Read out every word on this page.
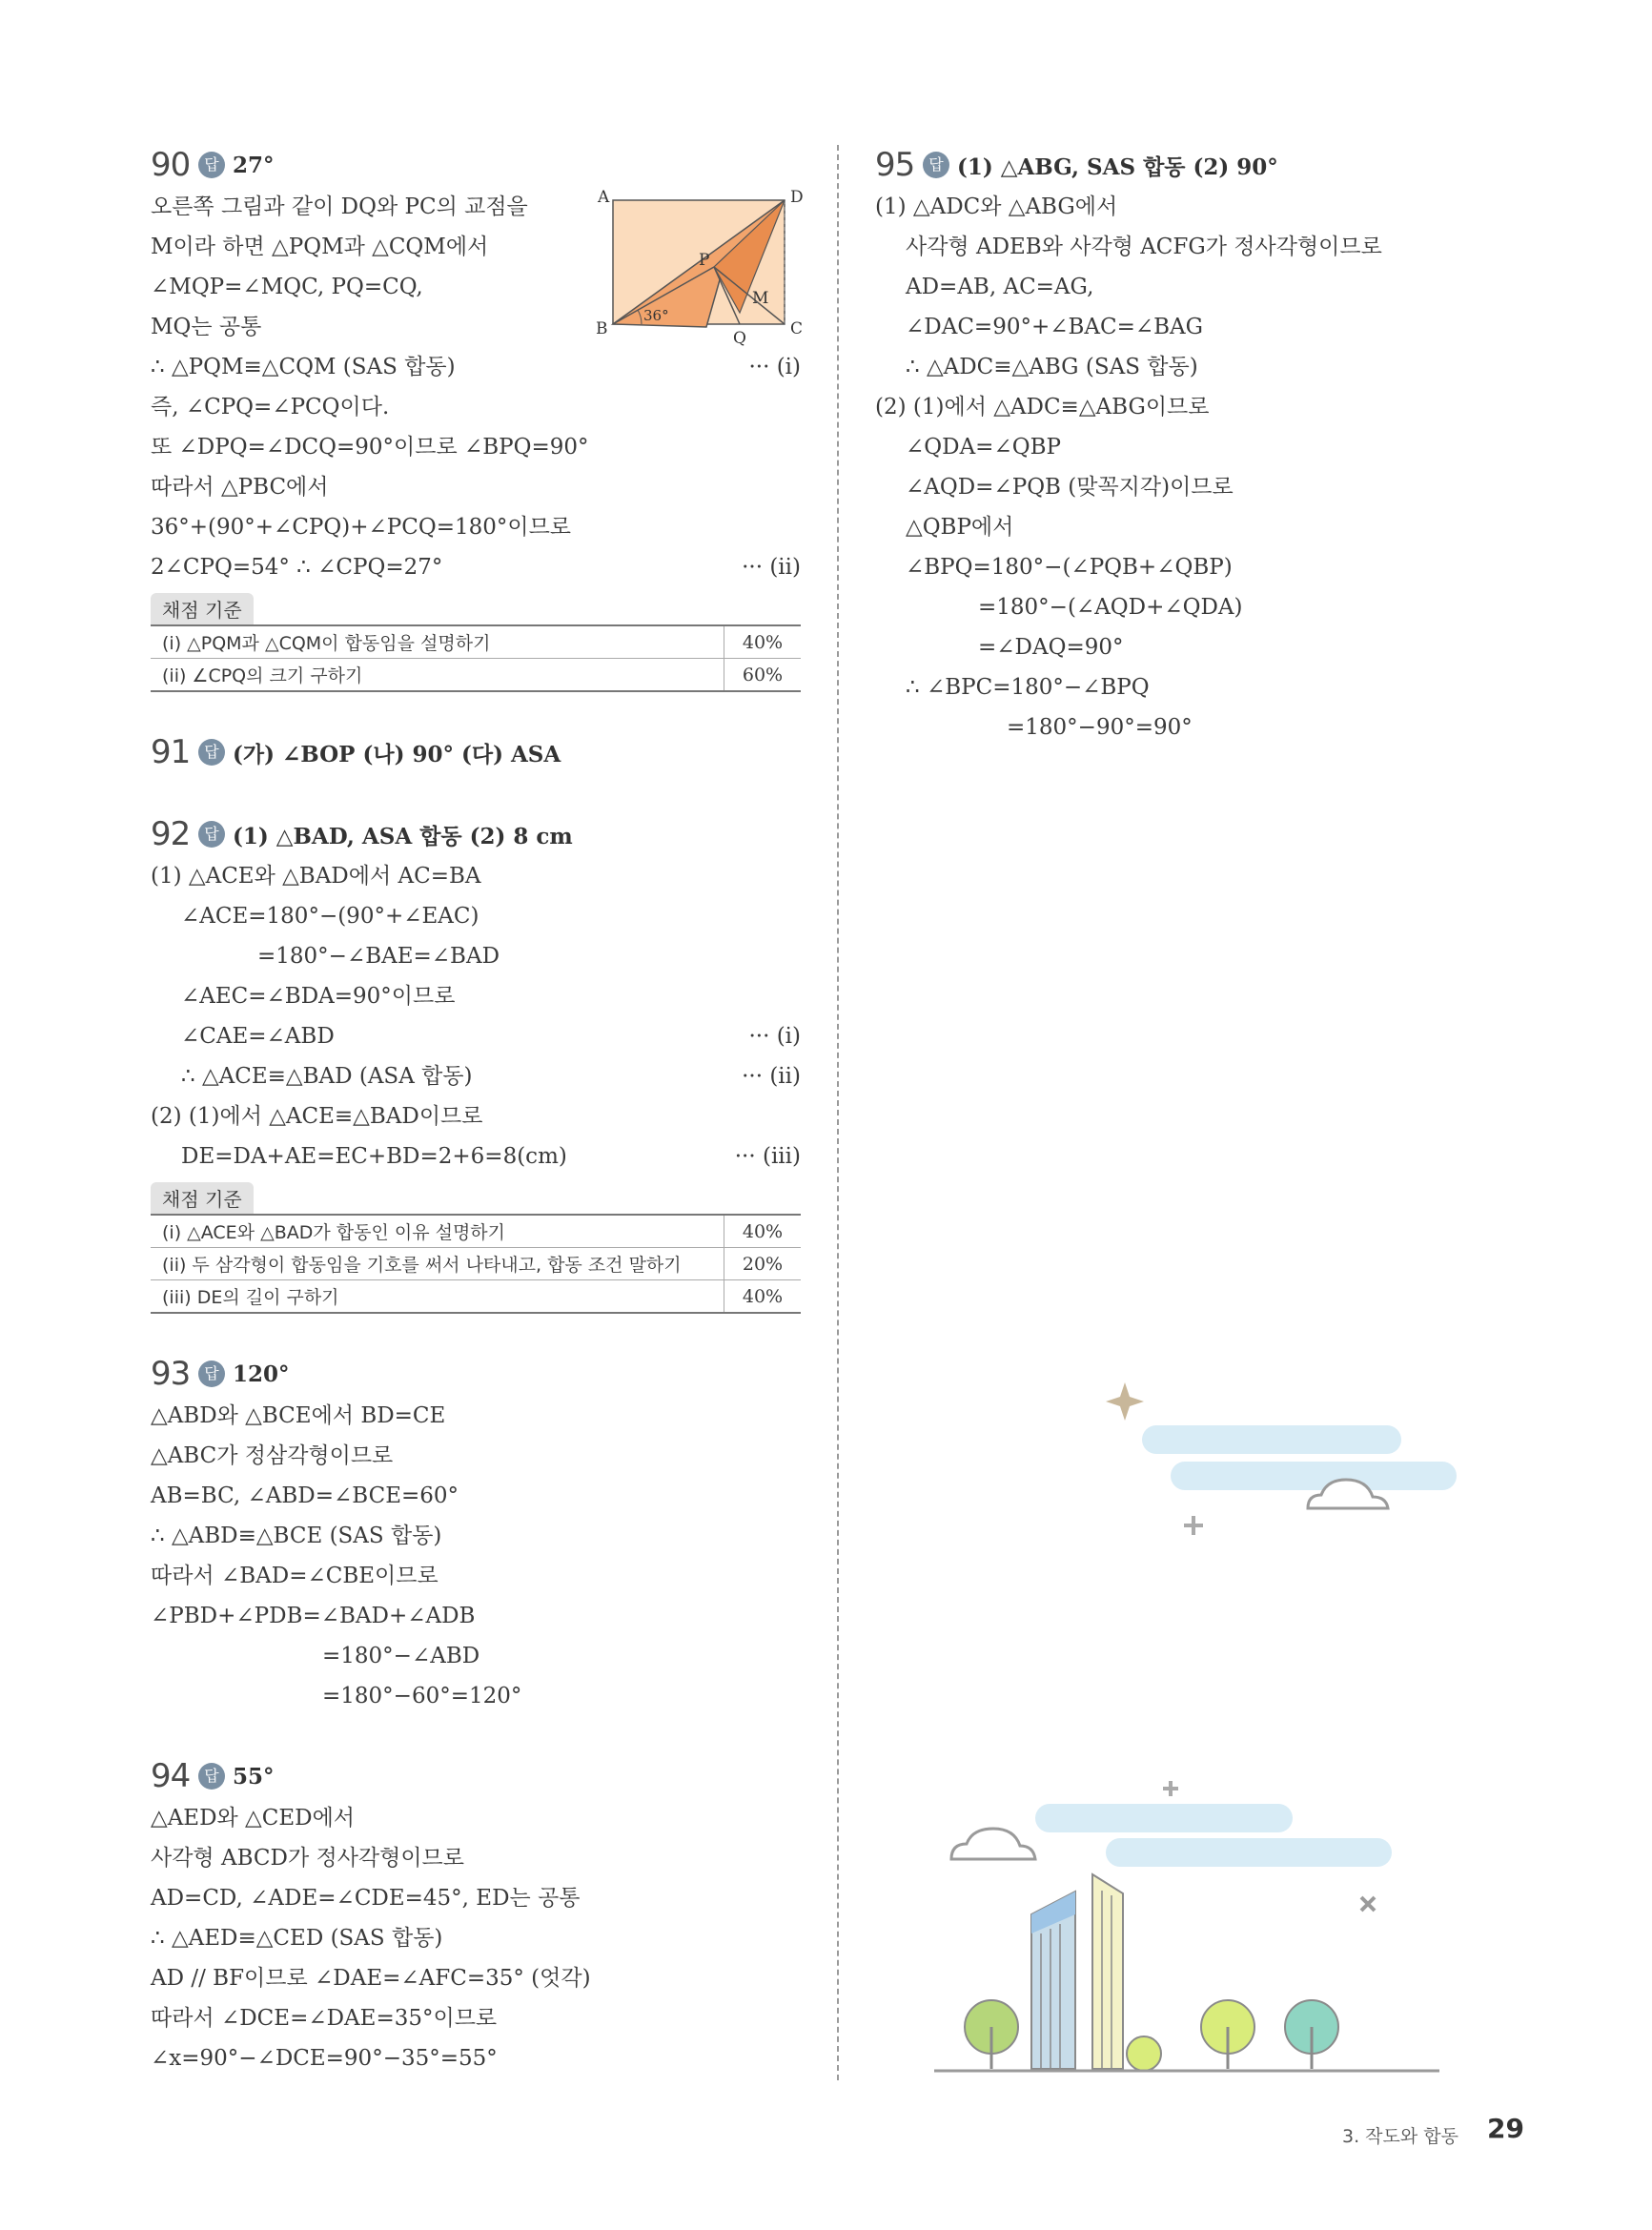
90 답 27°
오른쪽 그림과 같이 DQ와 PC의 교점을
M이라 하면 △PQM과 △CQM에서
∠MQP=∠MQC, PQ=CQ,
MQ는 공통
∴ △PQM≡△CQM (SAS 합동)	··· (i)
즉, ∠CPQ=∠PCQ이다.
또 ∠DPQ=∠DCQ=90°이므로 ∠BPQ=90°
따라서 △PBC에서
36°+(90°+∠CPQ)+∠PCQ=180°이므로
2∠CPQ=54° ∴ ∠CPQ=27°	··· (ii)
A	D
B	C
P
Q
M
36°
채점 기준
(i) △PQM과 △CQM이 합동임을 설명하기	40%
(ii) ∠CPQ의 크기 구하기	60%
91 답 (가) ∠BOP (나) 90° (다) ASA
92 답 (1) △BAD, ASA 합동 (2) 8 cm
(1) △ACE와 △BAD에서 AC=BA
∠ACE=180°−(90°+∠EAC)
=180°−∠BAE=∠BAD
∠AEC=∠BDA=90°이므로
∠CAE=∠ABD	··· (i)
∴ △ACE≡△BAD (ASA 합동)	··· (ii)
(2) (1)에서 △ACE≡△BAD이므로
DE=DA+AE=EC+BD=2+6=8(cm)	··· (iii)
채점 기준
(i) △ACE와 △BAD가 합동인 이유 설명하기	40%
(ii) 두 삼각형이 합동임을 기호를 써서 나타내고, 합동 조건 말하기	20%
(iii) DE의 길이 구하기	40%
93 답 120°
△ABD와 △BCE에서 BD=CE
△ABC가 정삼각형이므로
AB=BC, ∠ABD=∠BCE=60°
∴ △ABD≡△BCE (SAS 합동)
따라서 ∠BAD=∠CBE이므로
∠PBD+∠PDB=∠BAD+∠ADB
=180°−∠ABD
=180°−60°=120°
94 답 55°
△AED와 △CED에서
사각형 ABCD가 정사각형이므로
AD=CD, ∠ADE=∠CDE=45°, ED는 공통
∴ △AED≡△CED (SAS 합동)
AD // BF이므로 ∠DAE=∠AFC=35° (엇각)
따라서 ∠DCE=∠DAE=35°이므로
∠x=90°−∠DCE=90°−35°=55°
95 답 (1) △ABG, SAS 합동 (2) 90°
(1) △ADC와 △ABG에서
사각형 ADEB와 사각형 ACFG가 정사각형이므로
AD=AB, AC=AG,
∠DAC=90°+∠BAC=∠BAG
∴ △ADC≡△ABG (SAS 합동)
(2) (1)에서 △ADC≡△ABG이므로
∠QDA=∠QBP
∠AQD=∠PQB (맞꼭지각)이므로
△QBP에서
∠BPQ=180°−(∠PQB+∠QBP)
=180°−(∠AQD+∠QDA)
=∠DAQ=90°
∴ ∠BPC=180°−∠BPQ
=180°−90°=90°
3. 작도와 합동 29
